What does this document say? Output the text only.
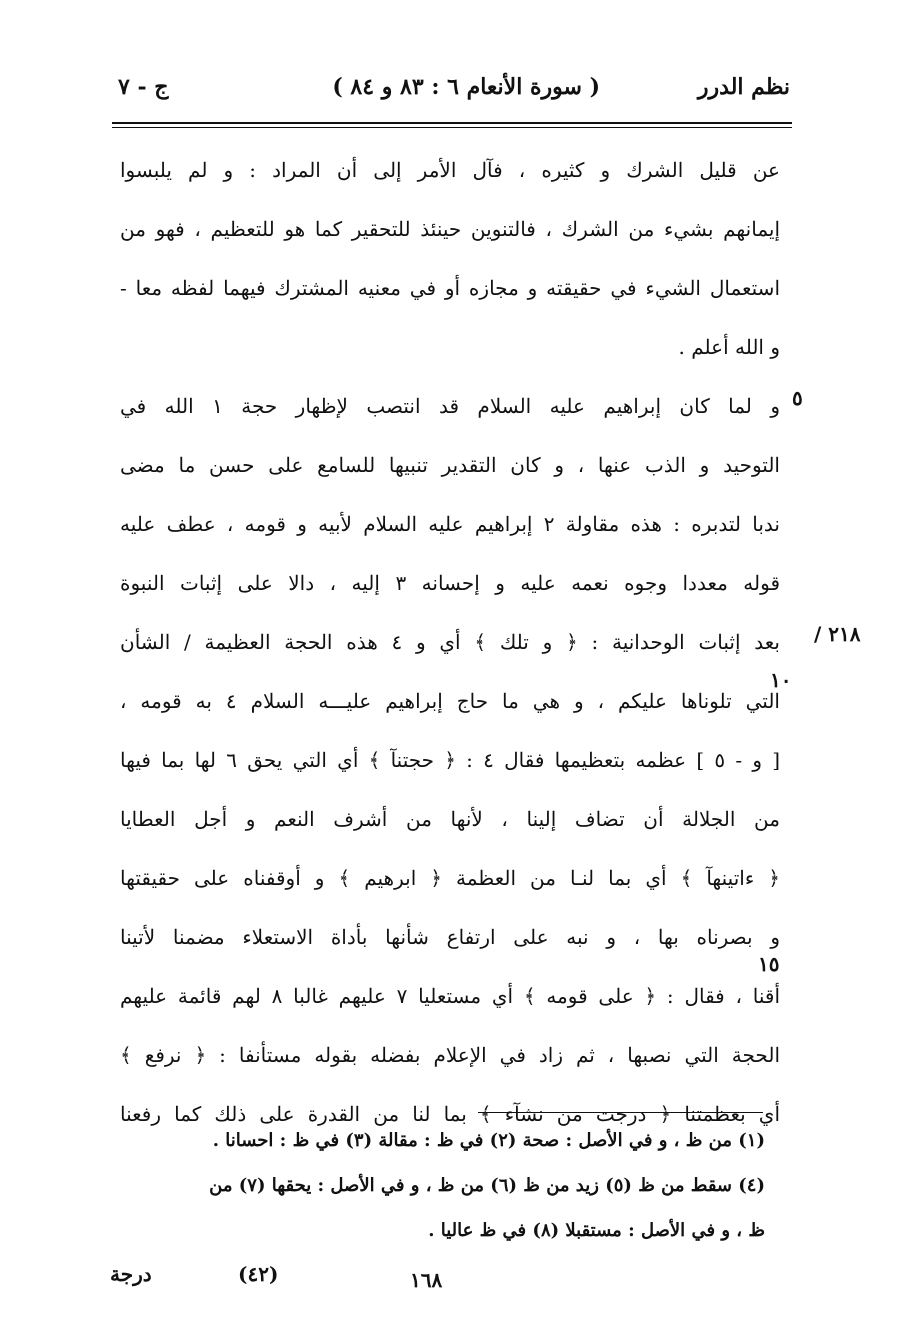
نظم الدرر
( سورة الأنعام ٦ : ٨٣ و ٨٤ )
ج - ٧
عن قليل الشرك و كثيره ، فآل الأمر إلى أن المراد : و لم يلبسوا
إيمانهم بشيء من الشرك ، فالتنوين حينئذ للتحقير كما هو للتعظيم ، فهو من
استعمال الشيء في حقيقته و مجازه أو في معنيه المشترك فيهما لفظه معا -
و الله أعلم .
و لما كان إبراهيم عليه السلام قد انتصب لإظهار حجة ١ الله في
التوحيد و الذب عنها ، و كان التقدير تنبيها للسامع على حسن ما مضى
ندبا لتدبره : هذه مقاولة ٢ إبراهيم عليه السلام لأبيه و قومه ، عطف عليه
قوله معددا وجوه نعمه عليه و إحسانه ٣ إليه ، دالا على إثبات النبوة
بعد إثبات الوحدانية : ﴿ و تلك ﴾ أي و ٤ هذه الحجة العظيمة / الشأن
التي تلوناها عليكم ، و هي ما حاج إبراهيم عليـــه السلام ٤ به قومه ،
[ و - ٥ ] عظمه بتعظيمها فقال ٤ : ﴿ حجتنآ ﴾ أي التي يحق ٦ لها بما فيها
من الجلالة أن تضاف إلينا ، لأنها من أشرف النعم و أجل العطايا
﴿ ءاتينهآ ﴾ أي بما لنـا من العظمة ﴿ ابرهيم ﴾ و أوقفناه على حقيقتها
و بصرناه بها ، و نبه على ارتفاع شأنها بأداة الاستعلاء مضمنا لأتينا
أقنا ، فقال : ﴿ على قومه ﴾ أي مستعليا ٧ عليهم غالبا ٨ لهم قائمة عليهم
الحجة التي نصبها ، ثم زاد في الإعلام بفضله بقوله مستأنفا : ﴿ نرفع ﴾
أي بعظمتنا ﴿ درجت من نشآء ﴾ بما لنا من القدرة على ذلك كما رفعنا
٥
٢١٨ /
١٠
١٥
(١) من ظ ، و في الأصل : صحة (٢) في ظ : مقالة (٣) في ظ : احسانا .
(٤) سقط من ظ (٥) زيد من ظ (٦) من ظ ، و في الأصل : يحقها (٧) من
ظ ، و في الأصل : مستقبلا (٨) في ظ عاليا .
درجة	(٤٢)	١٦٨
